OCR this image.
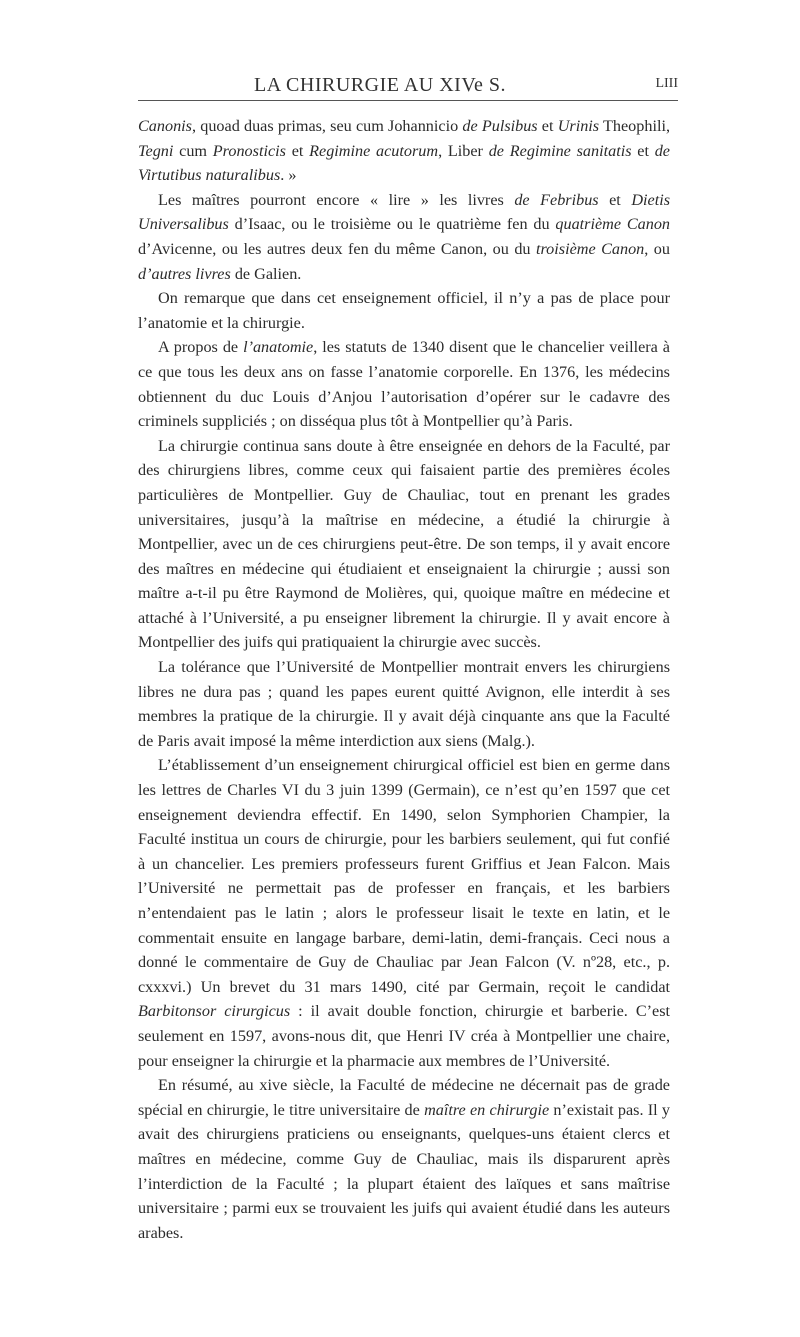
LA CHIRURGIE AU XIVe S.	LIII

Canonis, quoad duas primas, seu cum Johannicio de Pulsibus et Urinis Theophili, Tegni cum Pronosticis et Regimine acutorum, Liber de Regimine sanitatis et de Virtutibus naturalibus. »

Les maîtres pourront encore « lire » les livres de Febribus et Dietis Universalibus d’Isaac, ou le troisième ou le quatrième fen du quatrième Canon d’Avicenne, ou les autres deux fen du même Canon, ou du troisième Canon, ou d’autres livres de Galien.

On remarque que dans cet enseignement officiel, il n’y a pas de place pour l’anatomie et la chirurgie.

A propos de l’anatomie, les statuts de 1340 disent que le chancelier veillera à ce que tous les deux ans on fasse l’anatomie corporelle. En 1376, les médecins obtiennent du duc Louis d’Anjou l’autorisation d’opérer sur le cadavre des criminels suppliciés ; on disséqua plus tôt à Montpellier qu’à Paris.

La chirurgie continua sans doute à être enseignée en dehors de la Faculté, par des chirurgiens libres, comme ceux qui faisaient partie des premières écoles particulières de Montpellier. Guy de Chauliac, tout en prenant les grades universitaires, jusqu’à la maîtrise en médecine, a étudié la chirurgie à Montpellier, avec un de ces chirurgiens peut-être. De son temps, il y avait encore des maîtres en médecine qui étudiaient et enseignaient la chirurgie ; aussi son maître a-t-il pu être Raymond de Molières, qui, quoique maître en médecine et attaché à l’Université, a pu enseigner librement la chirurgie. Il y avait encore à Montpellier des juifs qui pratiquaient la chirurgie avec succès.

La tolérance que l’Université de Montpellier montrait envers les chirurgiens libres ne dura pas ; quand les papes eurent quitté Avignon, elle interdit à ses membres la pratique de la chirurgie. Il y avait déjà cinquante ans que la Faculté de Paris avait imposé la même interdiction aux siens (Malg.).

L’établissement d’un enseignement chirurgical officiel est bien en germe dans les lettres de Charles VI du 3 juin 1399 (Germain), ce n’est qu’en 1597 que cet enseignement deviendra effectif. En 1490, selon Symphorien Champier, la Faculté institua un cours de chirurgie, pour les barbiers seulement, qui fut confié à un chancelier. Les premiers professeurs furent Griffius et Jean Falcon. Mais l’Université ne permettait pas de professer en français, et les barbiers n’entendaient pas le latin ; alors le professeur lisait le texte en latin, et le commentait ensuite en langage barbare, demi-latin, demi-français. Ceci nous a donné le commentaire de Guy de Chauliac par Jean Falcon (V. nº28, etc., p. cxxxvi.) Un brevet du 31 mars 1490, cité par Germain, reçoit le candidat Barbitonsor cirurgicus : il avait double fonction, chirurgie et barberie. C’est seulement en 1597, avons-nous dit, que Henri IV créa à Montpellier une chaire, pour enseigner la chirurgie et la pharmacie aux membres de l’Université.

En résumé, au xive siècle, la Faculté de médecine ne décernait pas de grade spécial en chirurgie, le titre universitaire de maître en chirurgie n’existait pas. Il y avait des chirurgiens praticiens ou enseignants, quelques-uns étaient clercs et maîtres en médecine, comme Guy de Chauliac, mais ils disparurent après l’interdiction de la Faculté ; la plupart étaient des laïques et sans maîtrise universitaire ; parmi eux se trouvaient les juifs qui avaient étudié dans les auteurs arabes.
